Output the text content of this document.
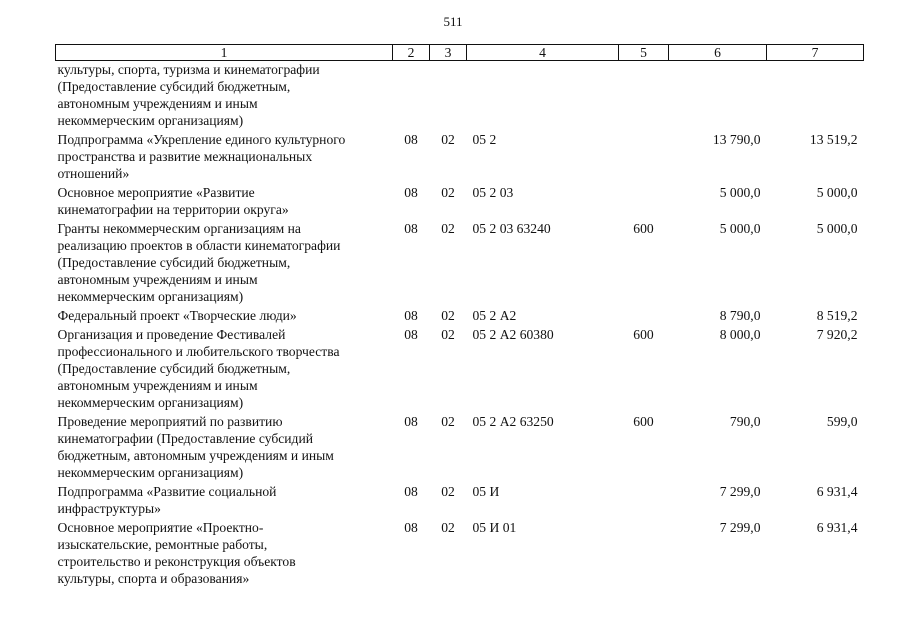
511
1	2	3	4	5	6	7
культуры, спорта, туризма и кинематографии
(Предоставление субсидий бюджетным,
автономным учреждениям и иным
некоммерческим организациям)						
Подпрограмма «Укрепление единого культурного
пространства и развитие межнациональных
отношений»	08	02	05 2		13 790,0	13 519,2
Основное мероприятие «Развитие
кинематографии на территории округа»	08	02	05 2 03		5 000,0	5 000,0
Гранты некоммерческим организациям на
реализацию проектов в области кинематографии
(Предоставление субсидий бюджетным,
автономным учреждениям и иным
некоммерческим организациям)	08	02	05 2 03 63240	600	5 000,0	5 000,0
Федеральный проект «Творческие люди»	08	02	05 2 А2		8 790,0	8 519,2
Организация и проведение Фестивалей
профессионального и любительского творчества
(Предоставление субсидий бюджетным,
автономным учреждениям и иным
некоммерческим организациям)	08	02	05 2 А2 60380	600	8 000,0	7 920,2
Проведение мероприятий по развитию
кинематографии (Предоставление субсидий
бюджетным, автономным учреждениям и иным
некоммерческим организациям)	08	02	05 2 А2 63250	600	790,0	599,0
Подпрограмма «Развитие социальной
инфраструктуры»	08	02	05 И		7 299,0	6 931,4
Основное мероприятие «Проектно-
изыскательские, ремонтные работы,
строительство и реконструкция объектов
культуры, спорта и образования»	08	02	05 И 01		7 299,0	6 931,4
